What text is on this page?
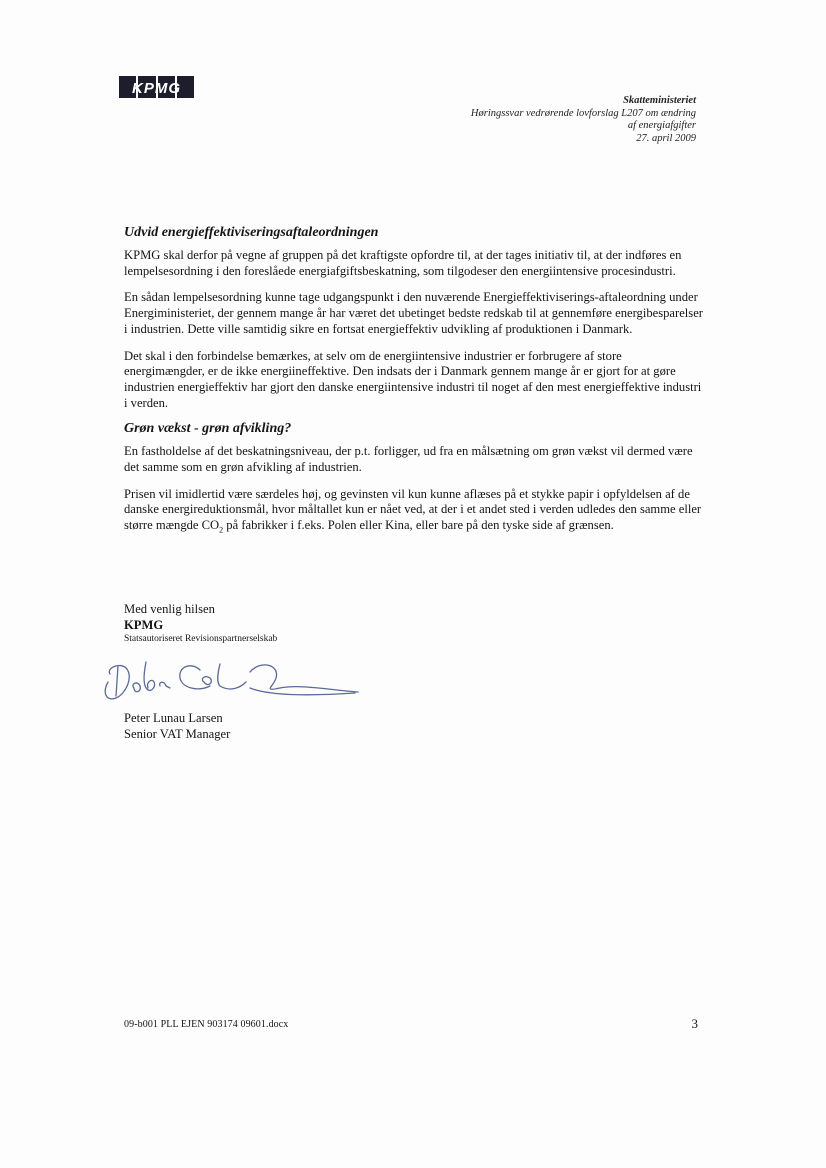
KPMG
Skatteministeriet
Høringssvar vedrørende lovforslag L207 om ændring
af energiafgifter
27. april 2009
Udvid energieffektiviseringsaftaleordningen

KPMG skal derfor på vegne af gruppen på det kraftigste opfordre til, at der tages initiativ til, at der indføres en lempelsesordning i den foreslåede energiafgiftsbeskatning, som tilgodeser den energiintensive procesindustri.

En sådan lempelsesordning kunne tage udgangspunkt i den nuværende Energieffektiviserings-aftaleordning under Energiministeriet, der gennem mange år har været det ubetinget bedste redskab til at gennemføre energibesparelser i industrien. Dette ville samtidig sikre en fortsat energieffektiv udvikling af produktionen i Danmark.

Det skal i den forbindelse bemærkes, at selv om de energiintensive industrier er forbrugere af store energimængder, er de ikke energiineffektive. Den indsats der i Danmark gennem mange år er gjort for at gøre industrien energieffektiv har gjort den danske energiintensive industri til noget af den mest energieffektive industri i verden.

Grøn vækst - grøn afvikling?

En fastholdelse af det beskatningsniveau, der p.t. forligger, ud fra en målsætning om grøn vækst vil dermed være det samme som en grøn afvikling af industrien.

Prisen vil imidlertid være særdeles høj, og gevinsten vil kun kunne aflæses på et stykke papir i opfyldelsen af de danske energireduktionsmål, hvor måltallet kun er nået ved, at der i et andet sted i verden udledes den samme eller større mængde $CO_2$ på fabrikker i f.eks. Polen eller Kina, eller bare på den tyske side af grænsen.

Med venlig hilsen
KPMG
Statsautoriseret Revisionspartnerselskab
Peter Lunau Larsen
Senior VAT Manager
09-b001 PLL EJEN 903174 09601.docx	3
